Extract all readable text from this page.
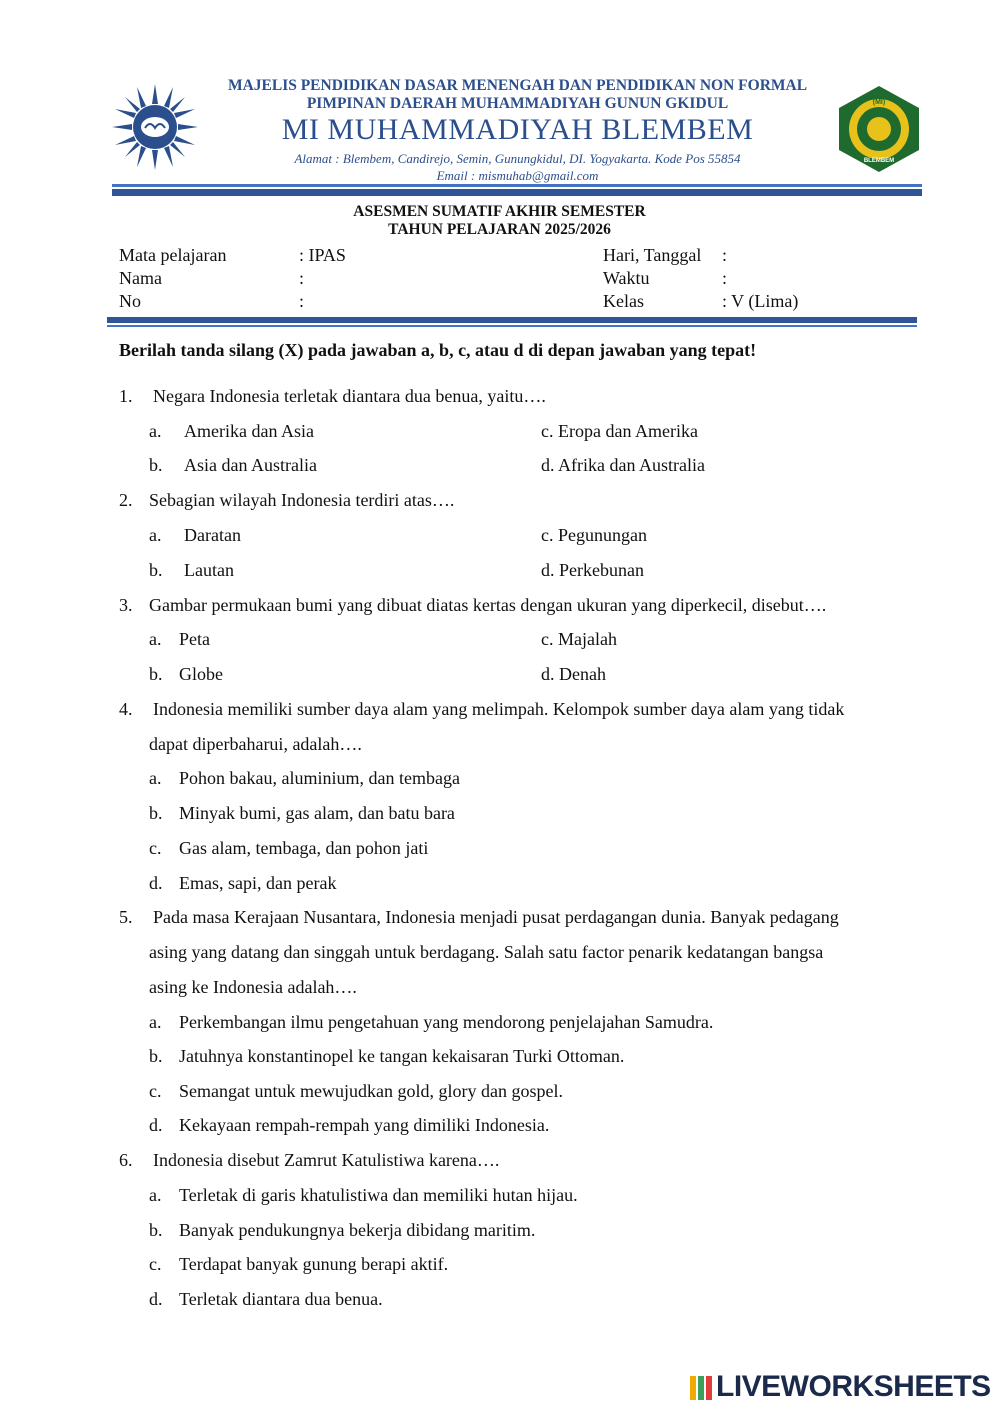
MAJELIS PENDIDIKAN DASAR MENENGAH DAN PENDIDIKAN NON FORMAL
PIMPINAN DAERAH MUHAMMADIYAH GUNUN GKIDUL
MI MUHAMMADIYAH BLEMBEM
Alamat : Blembem, Candirejo, Semin, Gunungkidul, DI. Yogyakarta. Kode Pos 55854
Email : mismuhab@gmail.com
(MI)
BLEMBEM
ASESMEN SUMATIF AKHIR SEMESTER
TAHUN PELAJARAN 2025/2026
Mata pelajaran	: IPAS
Nama	:
No	:
Hari, Tanggal :
Waktu	:
Kelas	: V (Lima)
Berilah tanda silang (X) pada jawaban a, b, c, atau d di depan jawaban yang tepat!
1. Negara Indonesia terletak diantara dua benua, yaitu….
a. Amerika dan Asia
b. Asia dan Australia
c. Eropa dan Amerika
d. Afrika dan Australia
2. Sebagian wilayah Indonesia terdiri atas….
a. Daratan
b. Lautan
c. Pegunungan
d. Perkebunan
3. Gambar permukaan bumi yang dibuat diatas kertas dengan ukuran yang diperkecil, disebut….
a. Peta
b. Globe
c. Majalah
d. Denah
4. Indonesia memiliki sumber daya alam yang melimpah. Kelompok sumber daya alam yang tidak
dapat diperbaharui, adalah….
a. Pohon bakau, aluminium, dan tembaga
b. Minyak bumi, gas alam, dan batu bara
c. Gas alam, tembaga, dan pohon jati
d. Emas, sapi, dan perak
5. Pada masa Kerajaan Nusantara, Indonesia menjadi pusat perdagangan dunia. Banyak pedagang
asing yang datang dan singgah untuk berdagang. Salah satu factor penarik kedatangan bangsa
asing ke Indonesia adalah….
a. Perkembangan ilmu pengetahuan yang mendorong penjelajahan Samudra.
b. Jatuhnya konstantinopel ke tangan kekaisaran Turki Ottoman.
c. Semangat untuk mewujudkan gold, glory dan gospel.
d. Kekayaan rempah-rempah yang dimiliki Indonesia.
6. Indonesia disebut Zamrut Katulistiwa karena….
a. Terletak di garis khatulistiwa dan memiliki hutan hijau.
b. Banyak pendukungnya bekerja dibidang maritim.
c. Terdapat banyak gunung berapi aktif.
d. Terletak diantara dua benua.
LIVEWORKSHEETS
